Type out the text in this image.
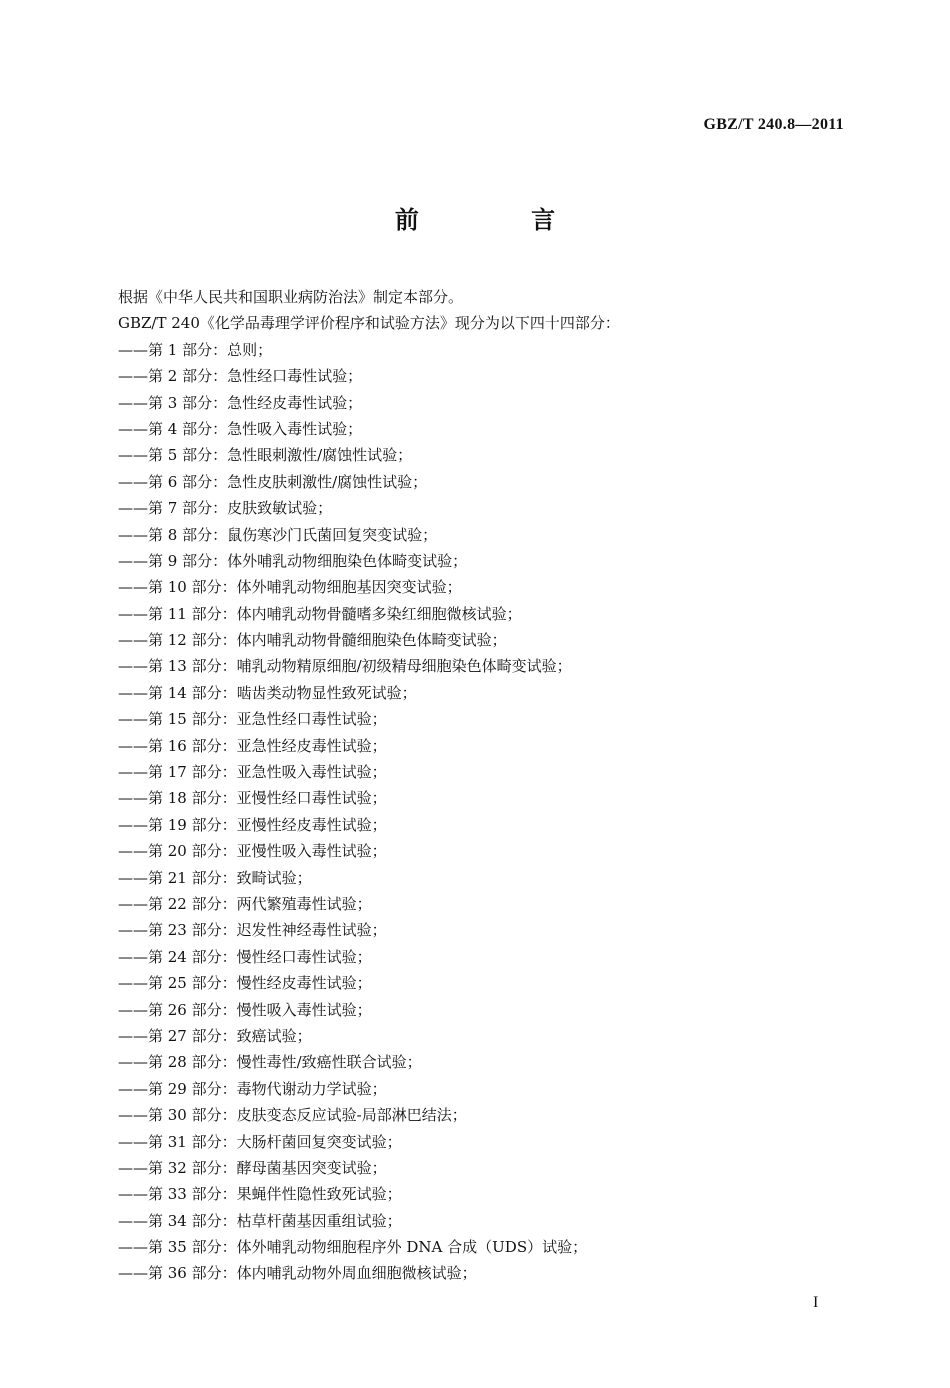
GBZ/T 240.8—2011
前 言
根据《中华人民共和国职业病防治法》制定本部分。
GBZ/T 240《化学品毒理学评价程序和试验方法》现分为以下四十四部分：
——第 1 部分：总则；
——第 2 部分：急性经口毒性试验；
——第 3 部分：急性经皮毒性试验；
——第 4 部分：急性吸入毒性试验；
——第 5 部分：急性眼刺激性/腐蚀性试验；
——第 6 部分：急性皮肤刺激性/腐蚀性试验；
——第 7 部分：皮肤致敏试验；
——第 8 部分：鼠伤寒沙门氏菌回复突变试验；
——第 9 部分：体外哺乳动物细胞染色体畸变试验；
——第 10 部分：体外哺乳动物细胞基因突变试验；
——第 11 部分：体内哺乳动物骨髓嗜多染红细胞微核试验；
——第 12 部分：体内哺乳动物骨髓细胞染色体畸变试验；
——第 13 部分：哺乳动物精原细胞/初级精母细胞染色体畸变试验；
——第 14 部分：啮齿类动物显性致死试验；
——第 15 部分：亚急性经口毒性试验；
——第 16 部分：亚急性经皮毒性试验；
——第 17 部分：亚急性吸入毒性试验；
——第 18 部分：亚慢性经口毒性试验；
——第 19 部分：亚慢性经皮毒性试验；
——第 20 部分：亚慢性吸入毒性试验；
——第 21 部分：致畸试验；
——第 22 部分：两代繁殖毒性试验；
——第 23 部分：迟发性神经毒性试验；
——第 24 部分：慢性经口毒性试验；
——第 25 部分：慢性经皮毒性试验；
——第 26 部分：慢性吸入毒性试验；
——第 27 部分：致癌试验；
——第 28 部分：慢性毒性/致癌性联合试验；
——第 29 部分：毒物代谢动力学试验；
——第 30 部分：皮肤变态反应试验-局部淋巴结法；
——第 31 部分：大肠杆菌回复突变试验；
——第 32 部分：酵母菌基因突变试验；
——第 33 部分：果蝇伴性隐性致死试验；
——第 34 部分：枯草杆菌基因重组试验；
——第 35 部分：体外哺乳动物细胞程序外 DNA 合成（UDS）试验；
——第 36 部分：体内哺乳动物外周血细胞微核试验；
I
